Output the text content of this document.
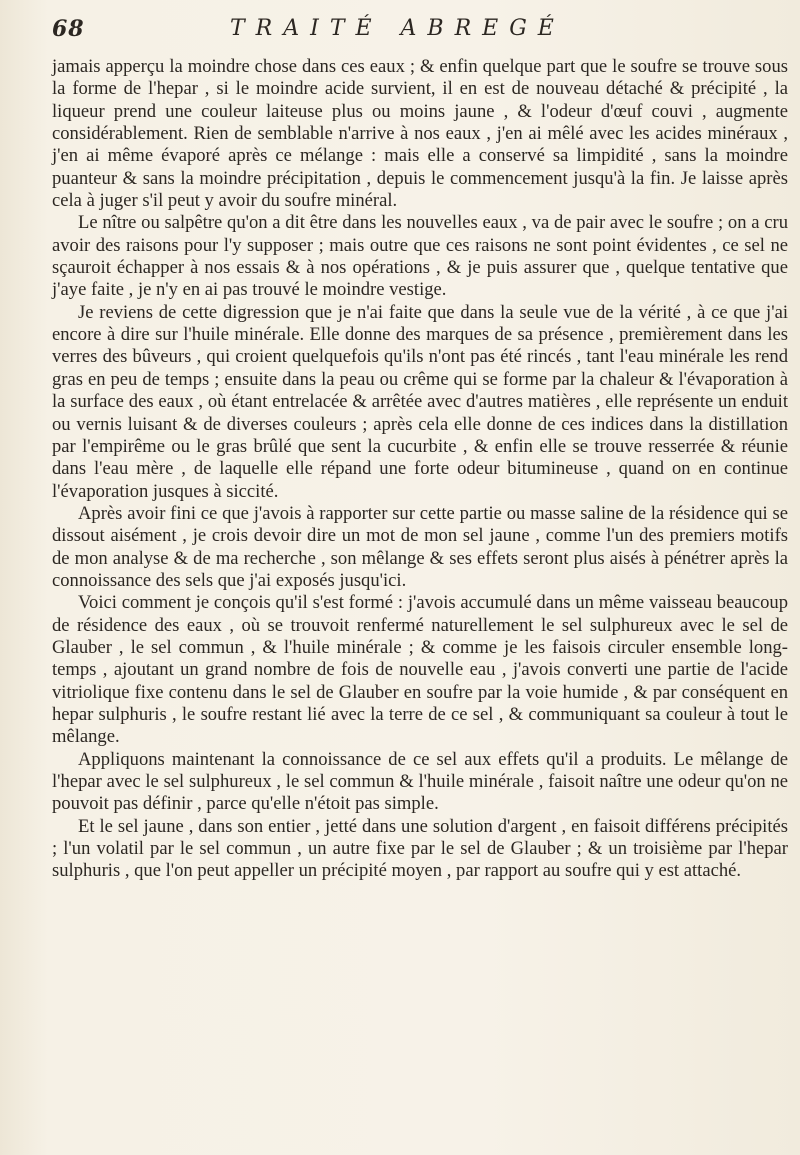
68	TRAITÉ ABREGÉ

jamais apperçu la moindre chose dans ces eaux ; & enfin quelque part que le soufre se trouve sous la forme de l'hepar , si le moindre acide survient, il en est de nouveau détaché & précipité , la liqueur prend une couleur laiteuse plus ou moins jaune , & l'odeur d'œuf couvi , augmente considérablement. Rien de semblable n'arrive à nos eaux , j'en ai mêlé avec les acides minéraux , j'en ai même évaporé après ce mélange : mais elle a conservé sa limpidité , sans la moindre puanteur & sans la moindre précipitation , depuis le commencement jusqu'à la fin. Je laisse après cela à juger s'il peut y avoir du soufre minéral.

Le nître ou salpêtre qu'on a dit être dans les nouvelles eaux , va de pair avec le soufre ; on a cru avoir des raisons pour l'y supposer ; mais outre que ces raisons ne sont point évidentes , ce sel ne sçauroit échapper à nos essais & à nos opérations , & je puis assurer que , quelque tentative que j'aye faite , je n'y en ai pas trouvé le moindre vestige.

Je reviens de cette digression que je n'ai faite que dans la seule vue de la vérité , à ce que j'ai encore à dire sur l'huile minérale. Elle donne des marques de sa présence , premièrement dans les verres des bûveurs , qui croient quelquefois qu'ils n'ont pas été rincés , tant l'eau minérale les rend gras en peu de temps ; ensuite dans la peau ou crême qui se forme par la chaleur & l'évaporation à la surface des eaux , où étant entrelacée & arrêtée avec d'autres matières , elle représente un enduit ou vernis luisant & de diverses couleurs ; après cela elle donne de ces indices dans la distillation par l'empirême ou le gras brûlé que sent la cucurbite , & enfin elle se trouve resserrée & réunie dans l'eau mère , de laquelle elle répand une forte odeur bitumineuse , quand on en continue l'évaporation jusques à siccité.

Après avoir fini ce que j'avois à rapporter sur cette partie ou masse saline de la résidence qui se dissout aisément , je crois devoir dire un mot de mon sel jaune , comme l'un des premiers motifs de mon analyse & de ma recherche , son mêlange & ses effets seront plus aisés à pénétrer après la connoissance des sels que j'ai exposés jusqu'ici.

Voici comment je conçois qu'il s'est formé : j'avois accumulé dans un même vaisseau beaucoup de résidence des eaux , où se trouvoit renfermé naturellement le sel sulphureux avec le sel de Glauber , le sel commun , & l'huile minérale ; & comme je les faisois circuler ensemble long-temps , ajoutant un grand nombre de fois de nouvelle eau , j'avois converti une partie de l'acide vitriolique fixe contenu dans le sel de Glauber en soufre par la voie humide , & par conséquent en hepar sulphuris , le soufre restant lié avec la terre de ce sel , & communiquant sa couleur à tout le mêlange.

Appliquons maintenant la connoissance de ce sel aux effets qu'il a produits. Le mêlange de l'hepar avec le sel sulphureux , le sel commun & l'huile minérale , faisoit naître une odeur qu'on ne pouvoit pas définir , parce qu'elle n'étoit pas simple.

Et le sel jaune , dans son entier , jetté dans une solution d'argent , en faisoit différens précipités ; l'un volatil par le sel commun , un autre fixe par le sel de Glauber ; & un troisième par l'hepar sulphuris , que l'on peut appeller un précipité moyen , par rapport au soufre qui y est attaché.
